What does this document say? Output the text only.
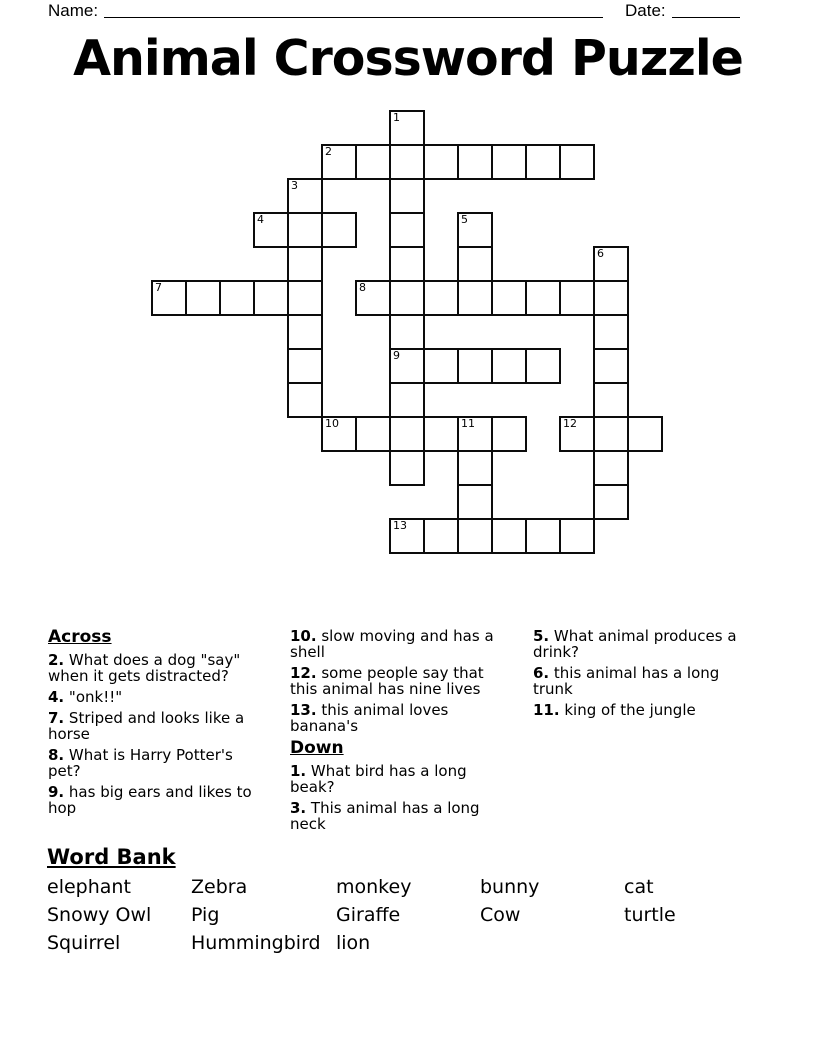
Name:	Date:
Animal Crossword Puzzle
1
2
3
4	5
6
7	8
9
10	11	12
13
Across
2. What does a dog "say" when it gets distracted?
4. "onk!!"
7. Striped and looks like a horse
8. What is Harry Potter's pet?
9. has big ears and likes to hop
10. slow moving and has a shell
12. some people say that this animal has nine lives
13. this animal loves banana's
Down
1. What bird has a long beak?
3. This animal has a long neck
5. What animal produces a drink?
6. this animal has a long trunk
11. king of the jungle
Word Bank
elephant	Zebra	monkey	bunny	cat
Snowy Owl	Pig	Giraffe	Cow	turtle
Squirrel	Hummingbird lion
